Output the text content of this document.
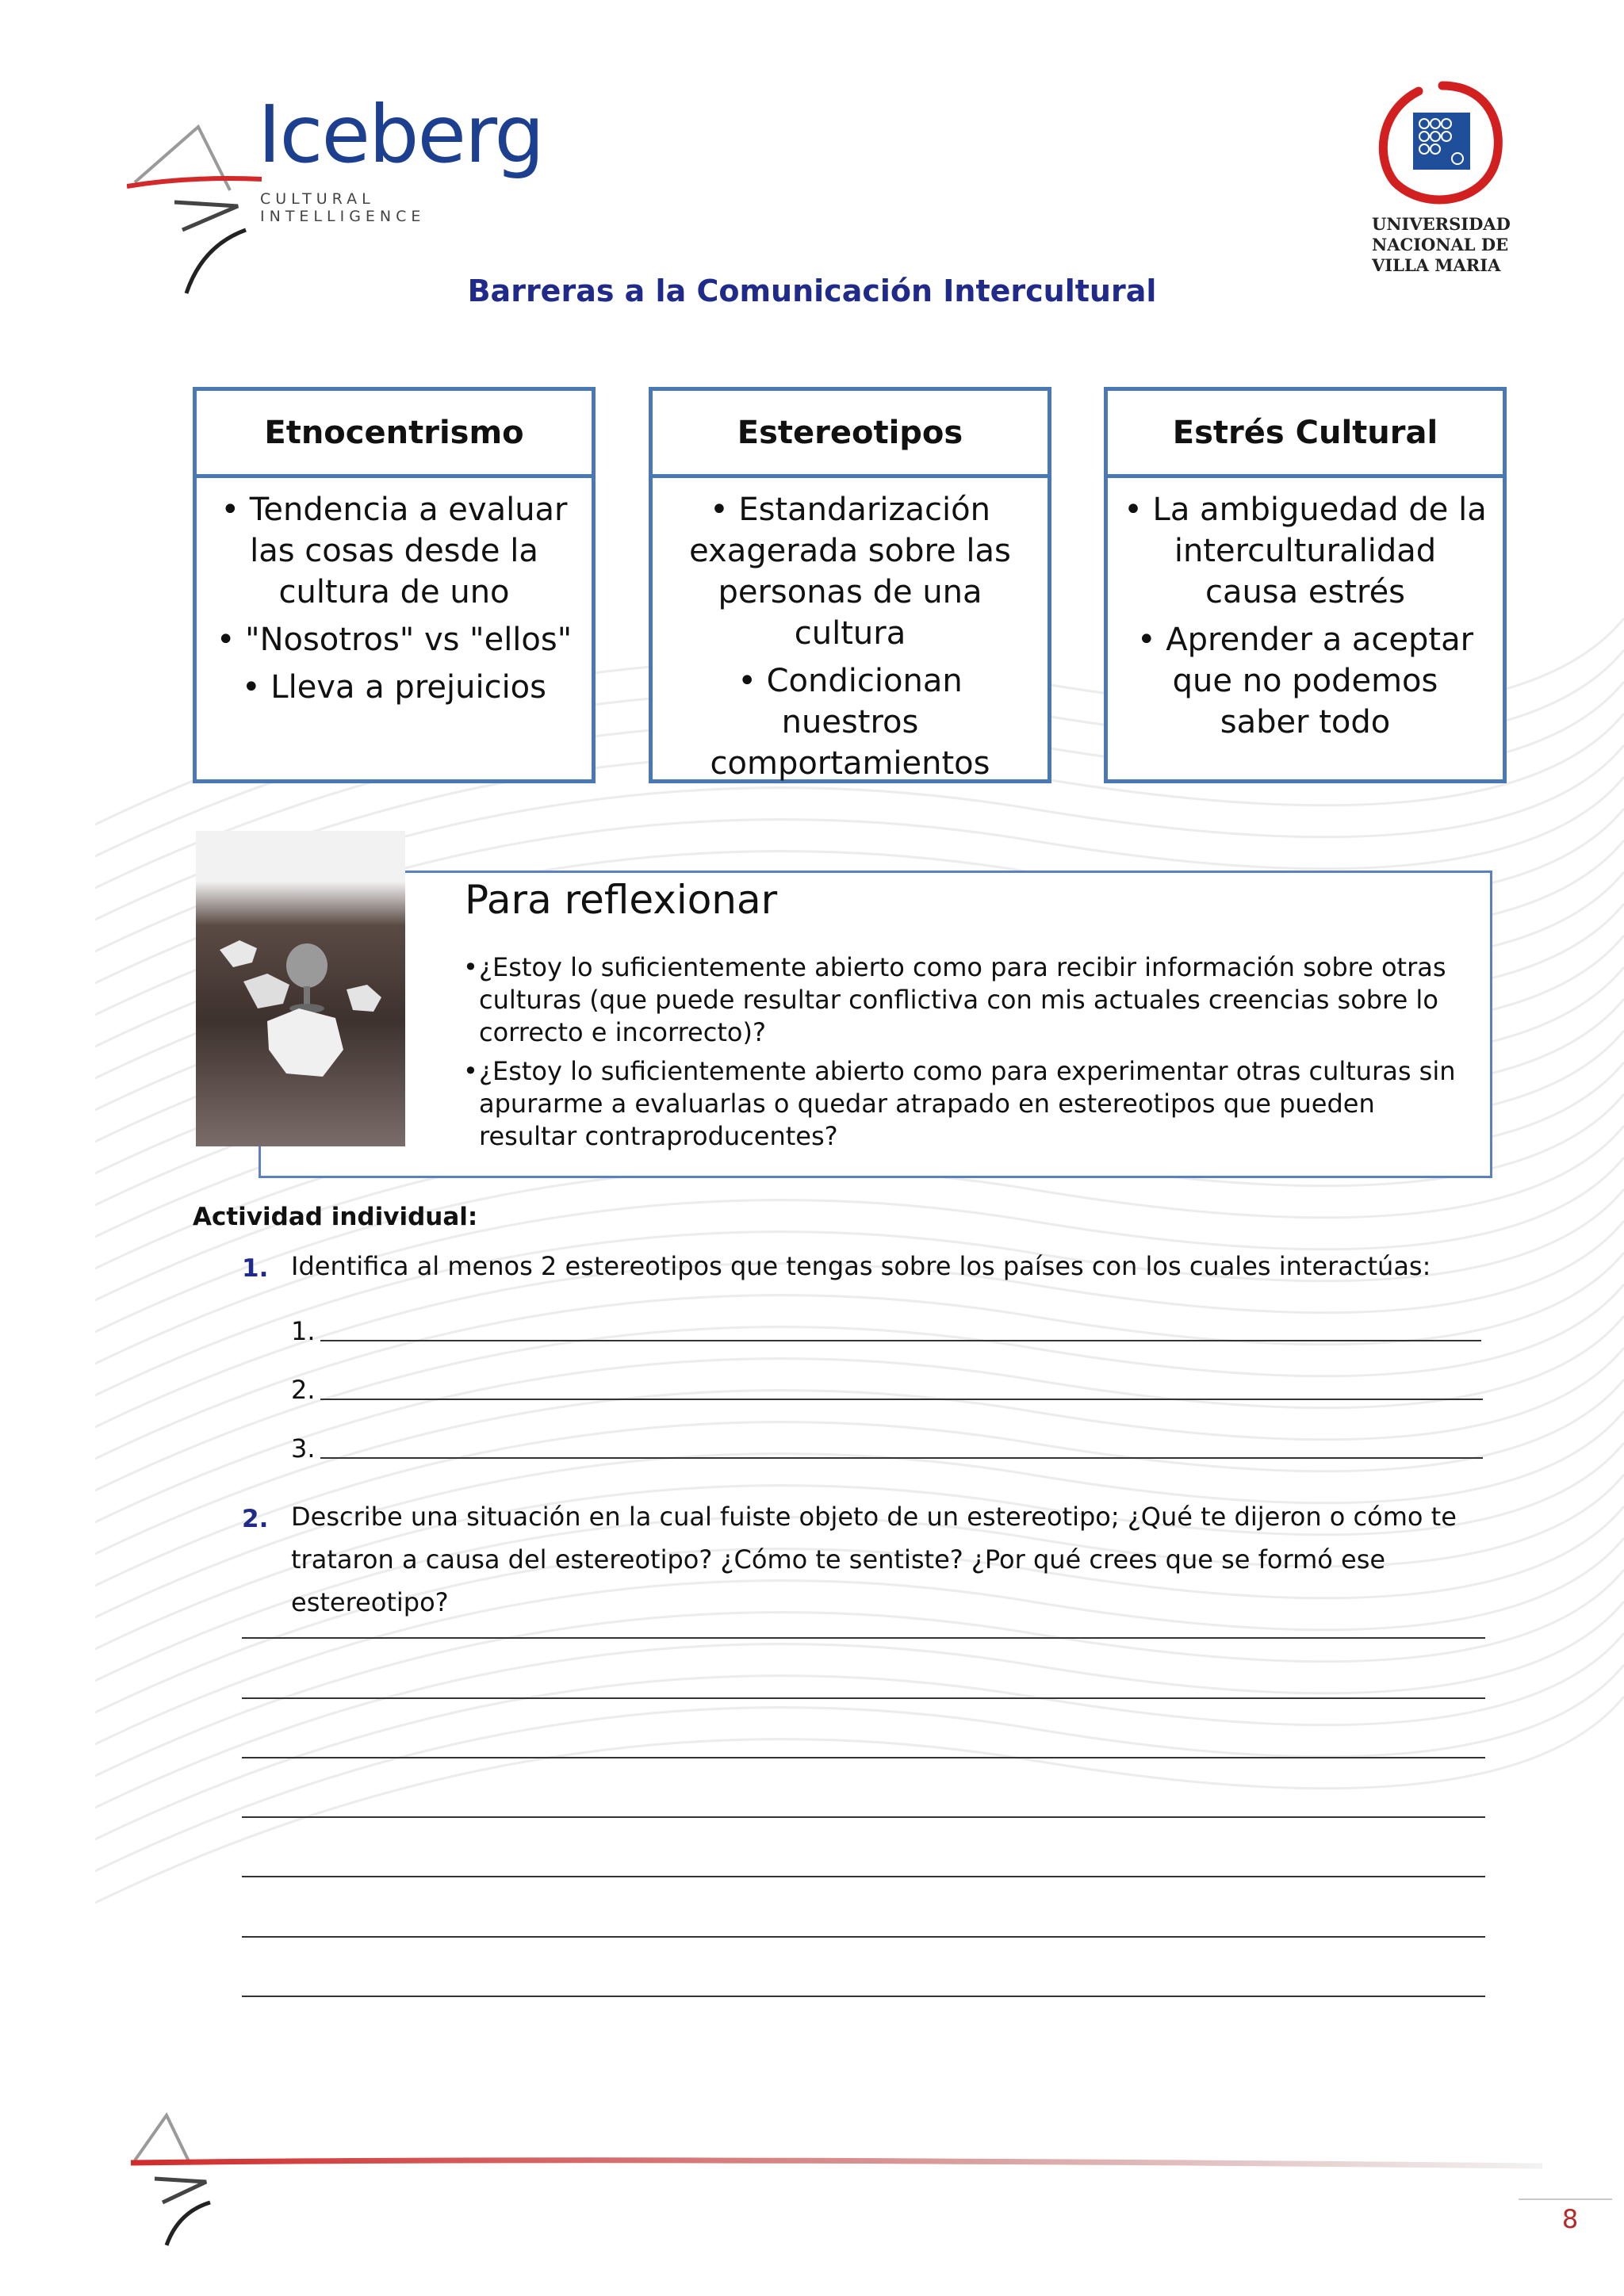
Iceberg
CULTURAL INTELLIGENCE	UNIVERSIDAD
NACIONAL DE
VILLA MARIA
Barreras a la Comunicación Intercultural
Etnocentrismo
• Tendencia a evaluar las cosas desde la cultura de uno
• "Nosotros" vs "ellos"
• Lleva a prejuicios
Estereotipos
• Estandarización exagerada sobre las personas de una cultura
• Condicionan nuestros comportamientos
Estrés Cultural
• La ambiguedad de la interculturalidad causa estrés
• Aprender a aceptar que no podemos saber todo
Para reflexionar
• ¿Estoy lo suficientemente abierto como para recibir información sobre otras culturas (que puede resultar conflictiva con mis actuales creencias sobre lo correcto e incorrecto)?
• ¿Estoy lo suficientemente abierto como para experimentar otras culturas sin apurarme a evaluarlas o quedar atrapado en estereotipos que pueden resultar contraproducentes?
Actividad individual:
1. Identifica al menos 2 estereotipos que tengas sobre los países con los cuales interactúas:
1.
2.
3.
2. Describe una situación en la cual fuiste objeto de un estereotipo; ¿Qué te dijeron o cómo te trataron a causa del estereotipo? ¿Cómo te sentiste? ¿Por qué crees que se formó ese estereotipo?
8
